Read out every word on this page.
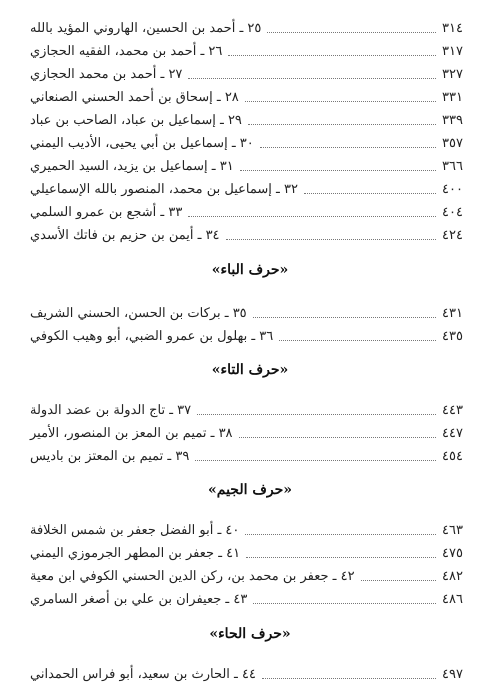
٢٥ ـ أحمد بن الحسين، الهاروني المؤيد بالله	٣١٤
٢٦ ـ أحمد بن محمد، الفقيه الحجازي	٣١٧
٢٧ ـ أحمد بن محمد الحجازي	٣٢٧
٢٨ ـ إسحاق بن أحمد الحسني الصنعاني	٣٣١
٢٩ ـ إسماعيل بن عباد، الصاحب بن عباد	٣٣٩
٣٠ ـ إسماعيل بن أبي يحيى، الأديب اليمني	٣٥٧
٣١ ـ إسماعيل بن يزيد، السيد الحميري	٣٦٦
٣٢ ـ إسماعيل بن محمد، المنصور بالله الإسماعيلي	٤٠٠
٣٣ ـ أشجع بن عمرو السلمي	٤٠٤
٣٤ ـ أيمن بن حزيم بن فاتك الأسدي	٤٢٤
«حرف الباء»
٣٥ ـ بركات بن الحسن، الحسني الشريف	٤٣١
٣٦ ـ بهلول بن عمرو الضبي، أبو وهيب الكوفي	٤٣٥
«حرف التاء»
٣٧ ـ تاج الدولة بن عضد الدولة	٤٤٣
٣٨ ـ تميم بن المعز بن المنصور، الأمير	٤٤٧
٣٩ ـ تميم بن المعتز بن باديس	٤٥٤
«حرف الجيم»
٤٠ ـ أبو الفضل جعفر بن شمس الخلافة	٤٦٣
٤١ ـ جعفر بن المطهر الجرموزي اليمني	٤٧٥
٤٢ ـ جعفر بن محمد بن، ركن الدين الحسني الكوفي ابن معية	٤٨٢
٤٣ ـ جعيفران بن علي بن أصغر السامري	٤٨٦
«حرف الحاء»
٤٤ ـ الحارث بن سعيد، أبو فراس الحمداني	٤٩٧
